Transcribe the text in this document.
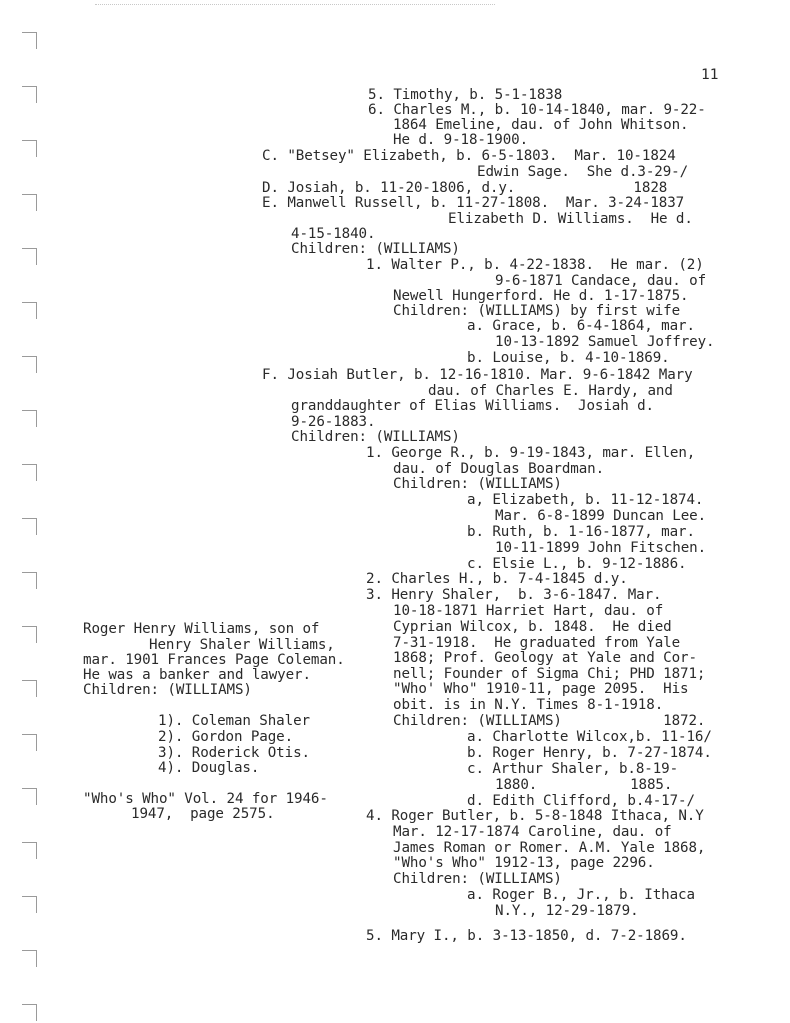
11
5. Timothy, b. 5-1-1838
6. Charles M., b. 10-14-1840, mar. 9-22-
1864 Emeline, dau. of John Whitson.
He d. 9-18-1900.
C. "Betsey" Elizabeth, b. 6-5-1803.  Mar. 10-1824
Edwin Sage.  She d.3-29-/
D. Josiah, b. 11-20-1806, d.y.              1828
E. Manwell Russell, b. 11-27-1808.  Mar. 3-24-1837
Elizabeth D. Williams.  He d.
4-15-1840.
Children: (WILLIAMS)
1. Walter P., b. 4-22-1838.  He mar. (2)
9-6-1871 Candace, dau. of
Newell Hungerford. He d. 1-17-1875.
Children: (WILLIAMS) by first wife
a. Grace, b. 6-4-1864, mar.
10-13-1892 Samuel Joffrey.
b. Louise, b. 4-10-1869.
F. Josiah Butler, b. 12-16-1810. Mar. 9-6-1842 Mary
dau. of Charles E. Hardy, and
granddaughter of Elias Williams.  Josiah d.
9-26-1883.
Children: (WILLIAMS)
1. George R., b. 9-19-1843, mar. Ellen,
dau. of Douglas Boardman.
Children: (WILLIAMS)
a, Elizabeth, b. 11-12-1874.
Mar. 6-8-1899 Duncan Lee.
b. Ruth, b. 1-16-1877, mar.
10-11-1899 John Fitschen.
c. Elsie L., b. 9-12-1886.
2. Charles H., b. 7-4-1845 d.y.
3. Henry Shaler,  b. 3-6-1847. Mar.
10-18-1871 Harriet Hart, dau. of
Cyprian Wilcox, b. 1848.  He died
7-31-1918.  He graduated from Yale
1868; Prof. Geology at Yale and Cor-
nell; Founder of Sigma Chi; PHD 1871;
"Who' Who" 1910-11, page 2095.  His
obit. is in N.Y. Times 8-1-1918.
Children: (WILLIAMS)            1872.
a. Charlotte Wilcox,b. 11-16/
b. Roger Henry, b. 7-27-1874.
c. Arthur Shaler, b.8-19-
1880.           1885.
d. Edith Clifford, b.4-17-/
4. Roger Butler, b. 5-8-1848 Ithaca, N.Y
Mar. 12-17-1874 Caroline, dau. of
James Roman or Romer. A.M. Yale 1868,
"Who's Who" 1912-13, page 2296.
Children: (WILLIAMS)
a. Roger B., Jr., b. Ithaca
N.Y., 12-29-1879.
5. Mary I., b. 3-13-1850, d. 7-2-1869.
Roger Henry Williams, son of
Henry Shaler Williams,
mar. 1901 Frances Page Coleman.
He was a banker and lawyer.
Children: (WILLIAMS)
1). Coleman Shaler
2). Gordon Page.
3). Roderick Otis.
4). Douglas.
"Who's Who" Vol. 24 for 1946-
1947,  page 2575.
